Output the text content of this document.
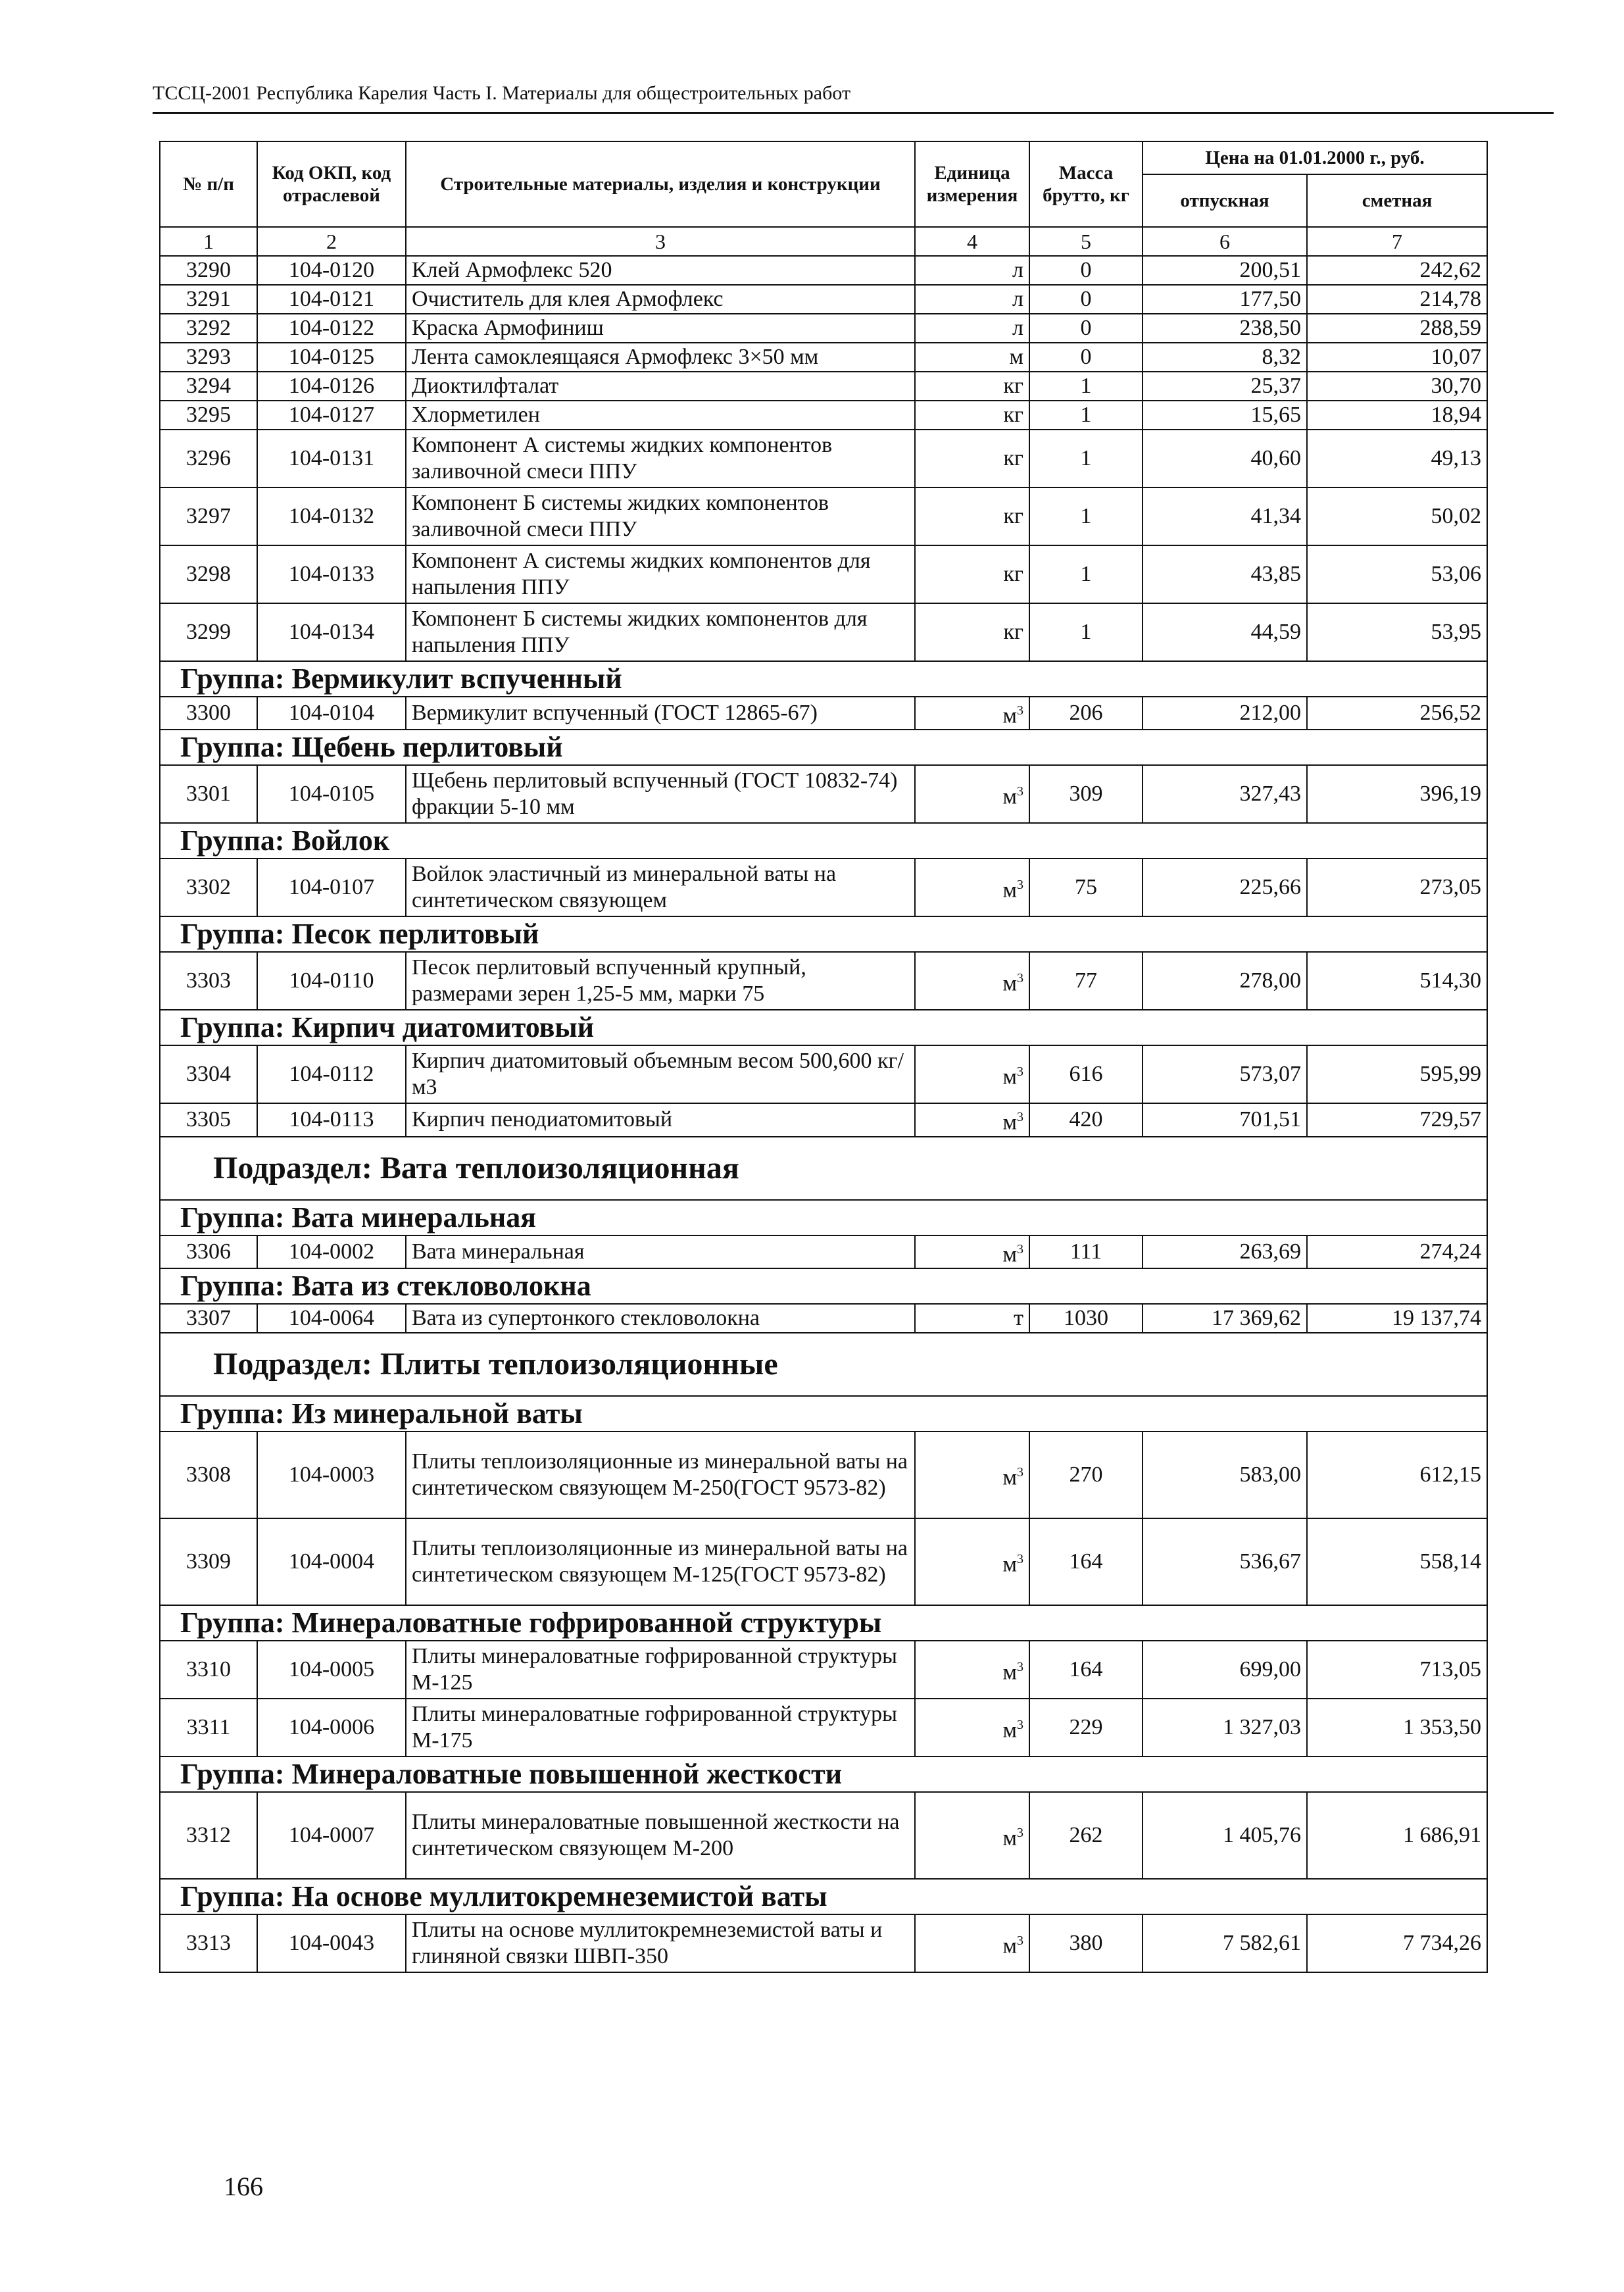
ТССЦ-2001 Республика Карелия Часть I. Материалы для общестроительных работ
№ п/п	Код ОКП, код отраслевой	Строительные материалы, изделия и конструкции	Единица измерения	Масса брутто, кг	Цена на 01.01.2000 г., руб.	
					отпускная	сметная
1	2	3	4	5	6	7
3290	104-0120	Клей Армофлекс 520	л	0	200,51	242,62
3291	104-0121	Очиститель для клея Армофлекс	л	0	177,50	214,78
3292	104-0122	Краска Армофиниш	л	0	238,50	288,59
3293	104-0125	Лента самоклеящаяся Армофлекс 3×50 мм	м	0	8,32	10,07
3294	104-0126	Диоктилфталат	кг	1	25,37	30,70
3295	104-0127	Хлорметилен	кг	1	15,65	18,94
3296	104-0131	Компонент А системы жидких компонентов заливочной смеси ППУ	кг	1	40,60	49,13
3297	104-0132	Компонент Б системы жидких компонентов заливочной смеси ППУ	кг	1	41,34	50,02
3298	104-0133	Компонент А системы жидких компонентов для напыления ППУ	кг	1	43,85	53,06
3299	104-0134	Компонент Б системы жидких компонентов для напыления ППУ	кг	1	44,59	53,95
Группа: Вермикулит вспученный						
3300	104-0104	Вермикулит вспученный (ГОСТ 12865-67)	$м^3$	206	212,00	256,52
Группа: Щебень перлитовый						
3301	104-0105	Щебень перлитовый вспученный (ГОСТ 10832-74) фракции 5-10 мм	$м^3$	309	327,43	396,19
Группа: Войлок						
3302	104-0107	Войлок эластичный из минеральной ваты на синтетическом связующем	$м^3$	75	225,66	273,05
Группа: Песок перлитовый						
3303	104-0110	Песок перлитовый вспученный крупный, размерами зерен 1,25-5 мм, марки 75	$м^3$	77	278,00	514,30
Группа: Кирпич диатомитовый						
3304	104-0112	Кирпич диатомитовый объемным весом 500,600 кг/м3	$м^3$	616	573,07	595,99
3305	104-0113	Кирпич пенодиатомитовый	$м^3$	420	701,51	729,57
Подраздел: Вата теплоизоляционная						
Группа: Вата минеральная						
3306	104-0002	Вата минеральная	$м^3$	111	263,69	274,24
Группа: Вата из стекловолокна						
3307	104-0064	Вата из супертонкого стекловолокна	т	1030	17 369,62	19 137,74
Подраздел: Плиты теплоизоляционные						
Группа: Из минеральной ваты						
3308	104-0003	Плиты теплоизоляционные из минеральной ваты на синтетическом связующем М-250(ГОСТ 9573-82)	$м^3$	270	583,00	612,15
3309	104-0004	Плиты теплоизоляционные из минеральной ваты на синтетическом связующем М-125(ГОСТ 9573-82)	$м^3$	164	536,67	558,14
Группа: Минераловатные гофрированной структуры						
3310	104-0005	Плиты минераловатные гофрированной структуры М-125	$м^3$	164	699,00	713,05
3311	104-0006	Плиты минераловатные гофрированной структуры М-175	$м^3$	229	1 327,03	1 353,50
Группа: Минераловатные повышенной жесткости						
3312	104-0007	Плиты минераловатные повышенной жесткости на синтетическом связующем М-200	$м^3$	262	1 405,76	1 686,91
Группа: На основе муллитокремнеземистой ваты						
3313	104-0043	Плиты на основе муллитокремнеземистой ваты и глиняной связки ШВП-350	$м^3$	380	7 582,61	7 734,26
166
